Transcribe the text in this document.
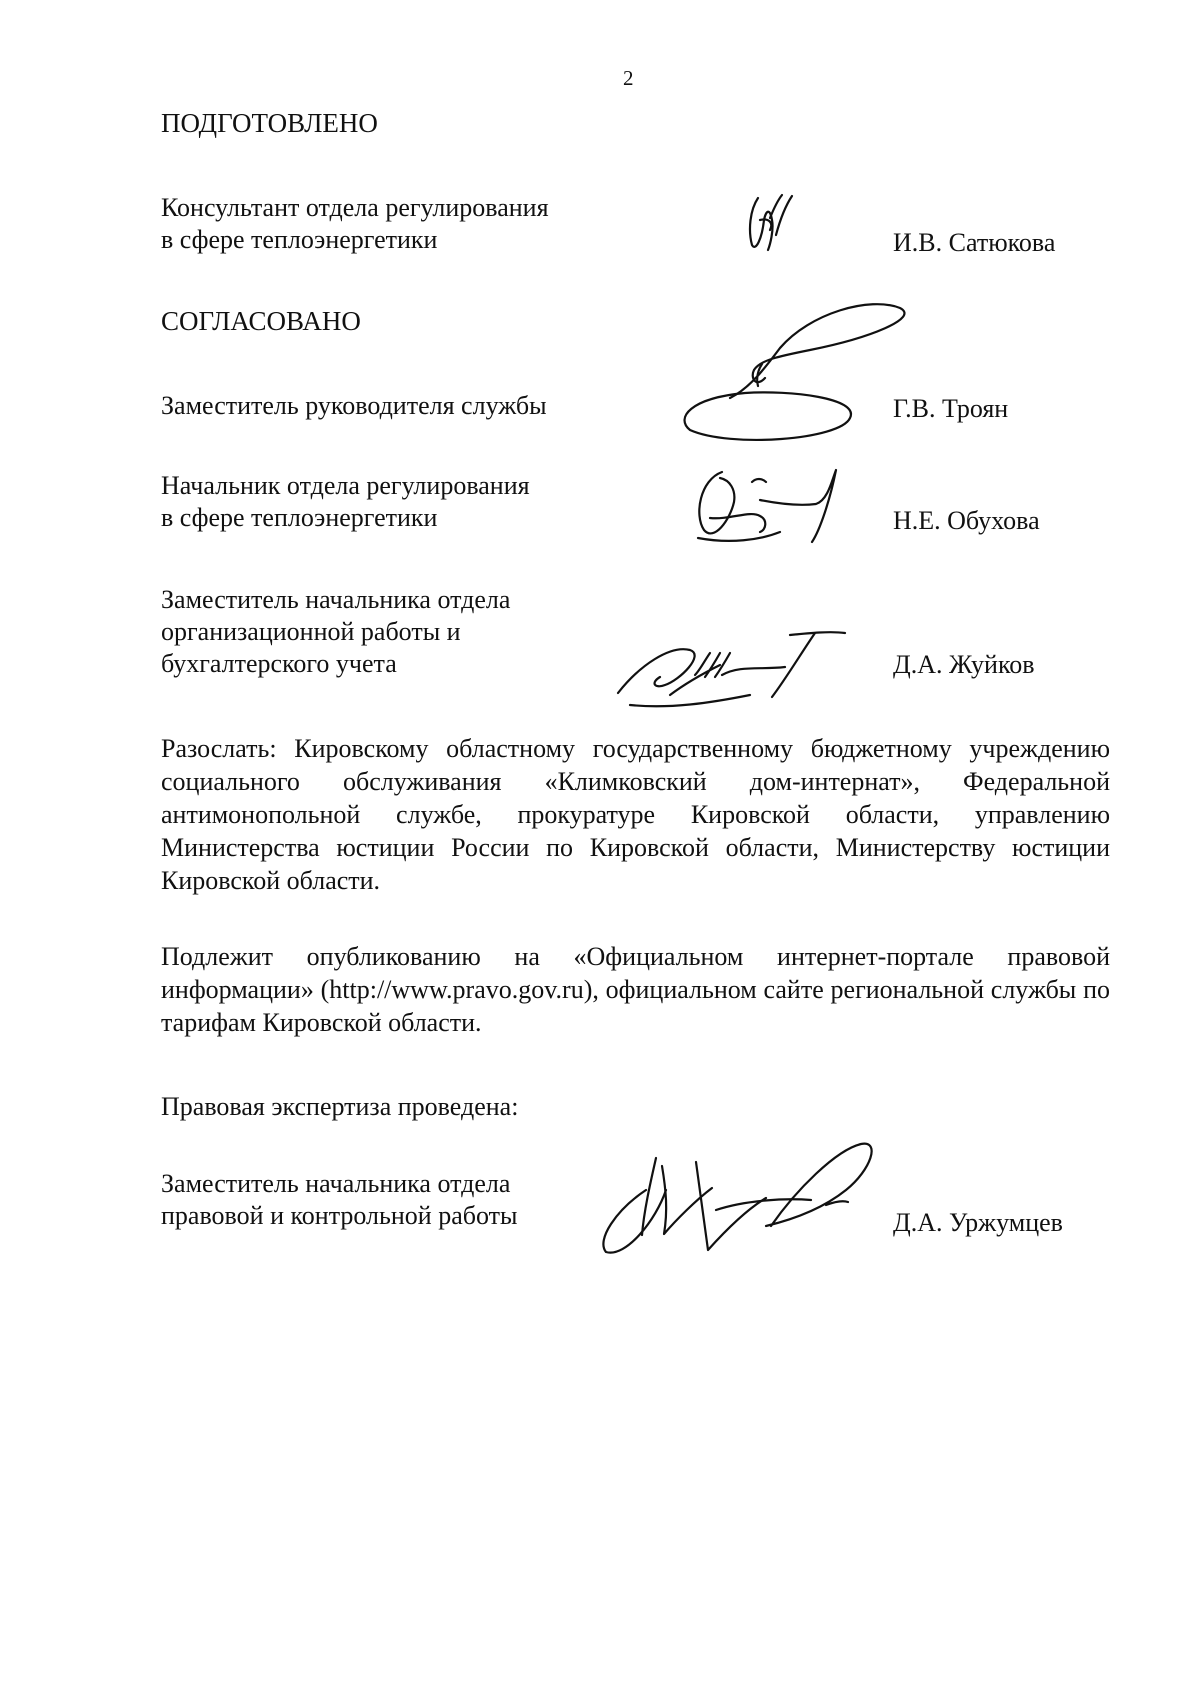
2
ПОДГОТОВЛЕНО
Консультант отдела регулирования
в сфере теплоэнергетики	И.В. Сатюкова
СОГЛАСОВАНО
Заместитель руководителя службы	Г.В. Троян
Начальник отдела регулирования
в сфере теплоэнергетики	Н.Е. Обухова
Заместитель начальника отдела
организационной работы и
бухгалтерского учета	Д.А. Жуйков
Разослать: Кировскому областному государственному бюджетному учреждению социального обслуживания «Климковский дом-интернат», Федеральной антимонопольной службе, прокуратуре Кировской области, управлению Министерства юстиции России по Кировской области, Министерству юстиции Кировской области.
Подлежит опубликованию на «Официальном интернет-портале правовой информации» (http://www.pravo.gov.ru), официальном сайте региональной службы по тарифам Кировской области.
Правовая экспертиза проведена:
Заместитель начальника отдела
правовой и контрольной работы	Д.А. Уржумцев
